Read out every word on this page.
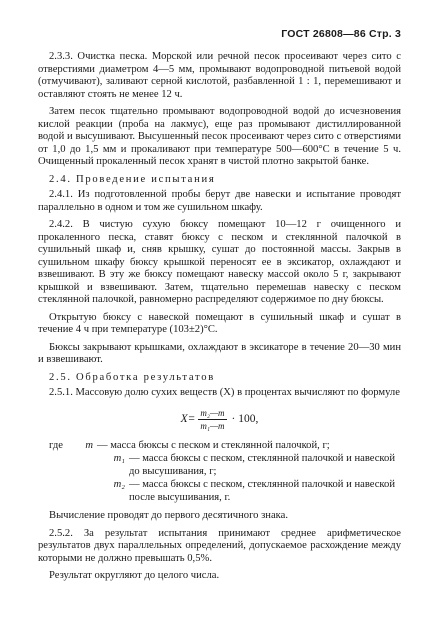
ГОСТ 26808—86 Стр. 3

2.3.3. Очистка песка. Морской или речной песок просеивают через сито с отверстиями диаметром 4—5 мм, промывают водопроводной питьевой водой (отмучивают), заливают серной кислотой, разбавленной 1 : 1, перемешивают и оставляют стоять не менее 12 ч.

Затем песок тщательно промывают водопроводной водой до исчезновения кислой реакции (проба на лакмус), еще раз промывают дистиллированной водой и высушивают. Высушенный песок просеивают через сито с отверстиями от 1,0 до 1,5 мм и прокаливают при температуре 500—600°С в течение 5 ч. Очищенный прокаленный песок хранят в чистой плотно закрытой банке.

2.4. Проведение испытания

2.4.1. Из подготовленной пробы берут две навески и испытание проводят параллельно в одном и том же сушильном шкафу.

2.4.2. В чистую сухую бюксу помещают 10—12 г очищенного и прокаленного песка, ставят бюксу с песком и стеклянной палочкой в сушильный шкаф и, сняв крышку, сушат до постоянной массы. Закрыв в сушильном шкафу бюксу крышкой переносят ее в эксикатор, охлаждают и взвешивают. В эту же бюксу помещают навеску массой около 5 г, закрывают крышкой и взвешивают. Затем, тщательно перемешав навеску с песком стеклянной палочкой, равномерно распределяют содержимое по дну бюксы.

Открытую бюксу с навеской помещают в сушильный шкаф и сушат в течение 4 ч при температуре (103±2)°С.

Бюксы закрывают крышками, охлаждают в эксикаторе в течение 20—30 мин и взвешивают.

2.5. Обработка результатов

2.5.1. Массовую долю сухих веществ (X) в процентах вычисляют по формуле

$X= \frac{\text{m₂—m}}{\text{m₁—m}} \cdot 100$,
где	m — масса бюксы с песком и стеклянной палочкой, г;
m₁ — масса бюксы с песком, стеклянной палочкой и навеской до высушивания, г;
m₂ — масса бюксы с песком, стеклянной палочкой и навеской после высушивания, г.

Вычисление проводят до первого десятичного знака.

2.5.2. За результат испытания принимают среднее арифметическое результатов двух параллельных определений, допускаемое расхождение между которыми не должно превышать 0,5%.

Результат округляют до целого числа.
